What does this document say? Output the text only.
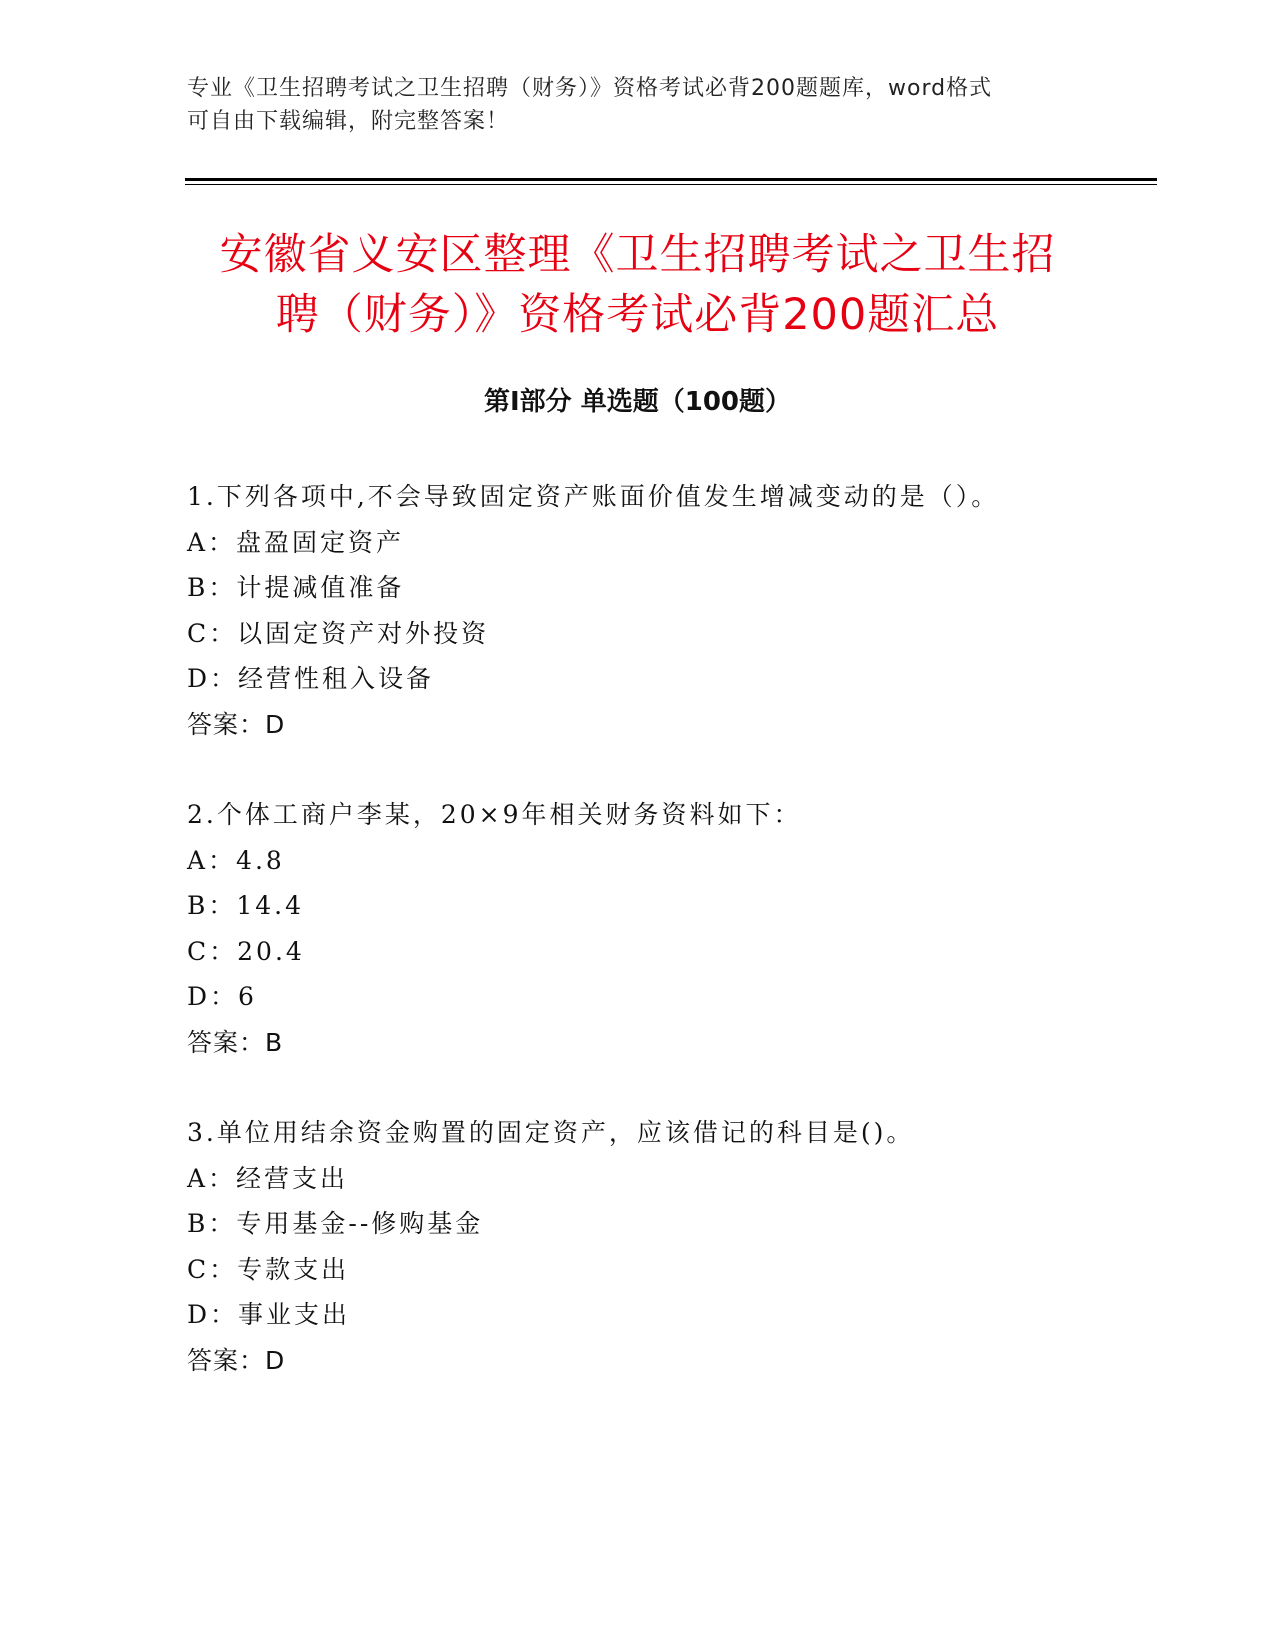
专业《卫生招聘考试之卫生招聘（财务）》资格考试必背200题题库，word格式
可自由下载编辑，附完整答案！
安徽省义安区整理《卫生招聘考试之卫生招
聘（财务）》资格考试必背200题汇总
第Ⅰ部分 单选题（100题）
1.下列各项中,不会导致固定资产账面价值发生增减变动的是（）。
A：盘盈固定资产
B：计提减值准备
C：以固定资产对外投资
D：经营性租入设备
答案：D
2.个体工商户李某，20×9年相关财务资料如下：
A：4.8
B：14.4
C：20.4
D：6
答案：B
3.单位用结余资金购置的固定资产，应该借记的科目是()。
A：经营支出
B：专用基金--修购基金
C：专款支出
D：事业支出
答案：D
